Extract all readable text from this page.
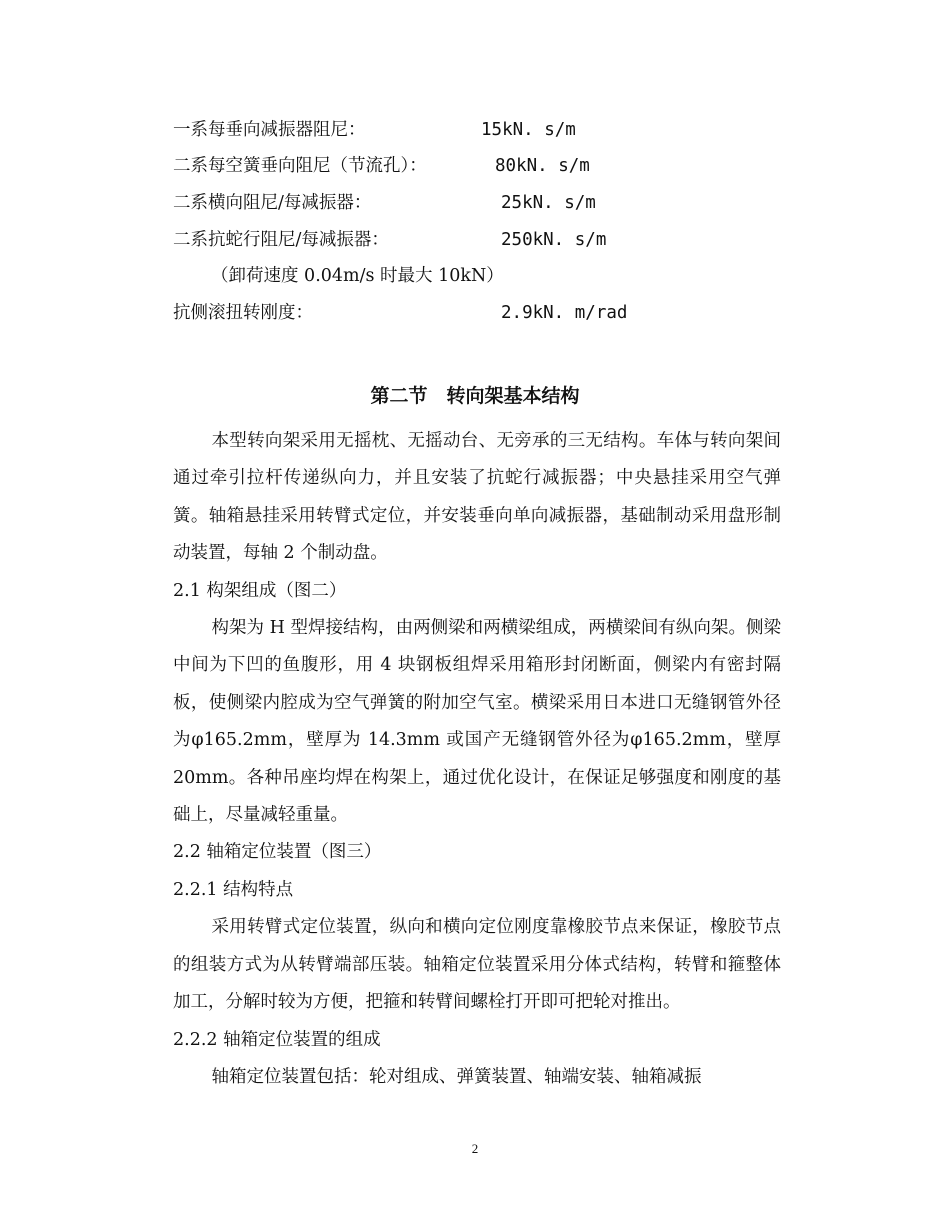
一系每垂向减振器阻尼：	15kN. s/m
二系每空簧垂向阻尼（节流孔）：	80kN. s/m
二系横向阻尼/每减振器：	25kN. s/m
二系抗蛇行阻尼/每减振器：	250kN. s/m
（卸荷速度 0.04m/s 时最大 10kN）
抗侧滚扭转刚度：	2.9kN. m/rad
第二节　转向架基本结构

本型转向架采用无摇枕、无摇动台、无旁承的三无结构。车体与转向架间通过牵引拉杆传递纵向力，并且安装了抗蛇行减振器；中央悬挂采用空气弹簧。轴箱悬挂采用转臂式定位，并安装垂向单向减振器，基础制动采用盘形制动装置，每轴 2 个制动盘。

2.1 构架组成（图二）

构架为 H 型焊接结构，由两侧梁和两横梁组成，两横梁间有纵向架。侧梁中间为下凹的鱼腹形，用 4 块钢板组焊采用箱形封闭断面，侧梁内有密封隔板，使侧梁内腔成为空气弹簧的附加空气室。横梁采用日本进口无缝钢管外径为φ165.2mm，壁厚为 14.3mm 或国产无缝钢管外径为φ165.2mm，壁厚 20mm。各种吊座均焊在构架上，通过优化设计，在保证足够强度和刚度的基础上，尽量减轻重量。

2.2 轴箱定位装置（图三）

2.2.1 结构特点

采用转臂式定位装置，纵向和横向定位刚度靠橡胶节点来保证，橡胶节点的组装方式为从转臂端部压装。轴箱定位装置采用分体式结构，转臂和箍整体加工，分解时较为方便，把箍和转臂间螺栓打开即可把轮对推出。

2.2.2 轴箱定位装置的组成

轴箱定位装置包括：轮对组成、弹簧装置、轴端安装、轴箱减振

2
